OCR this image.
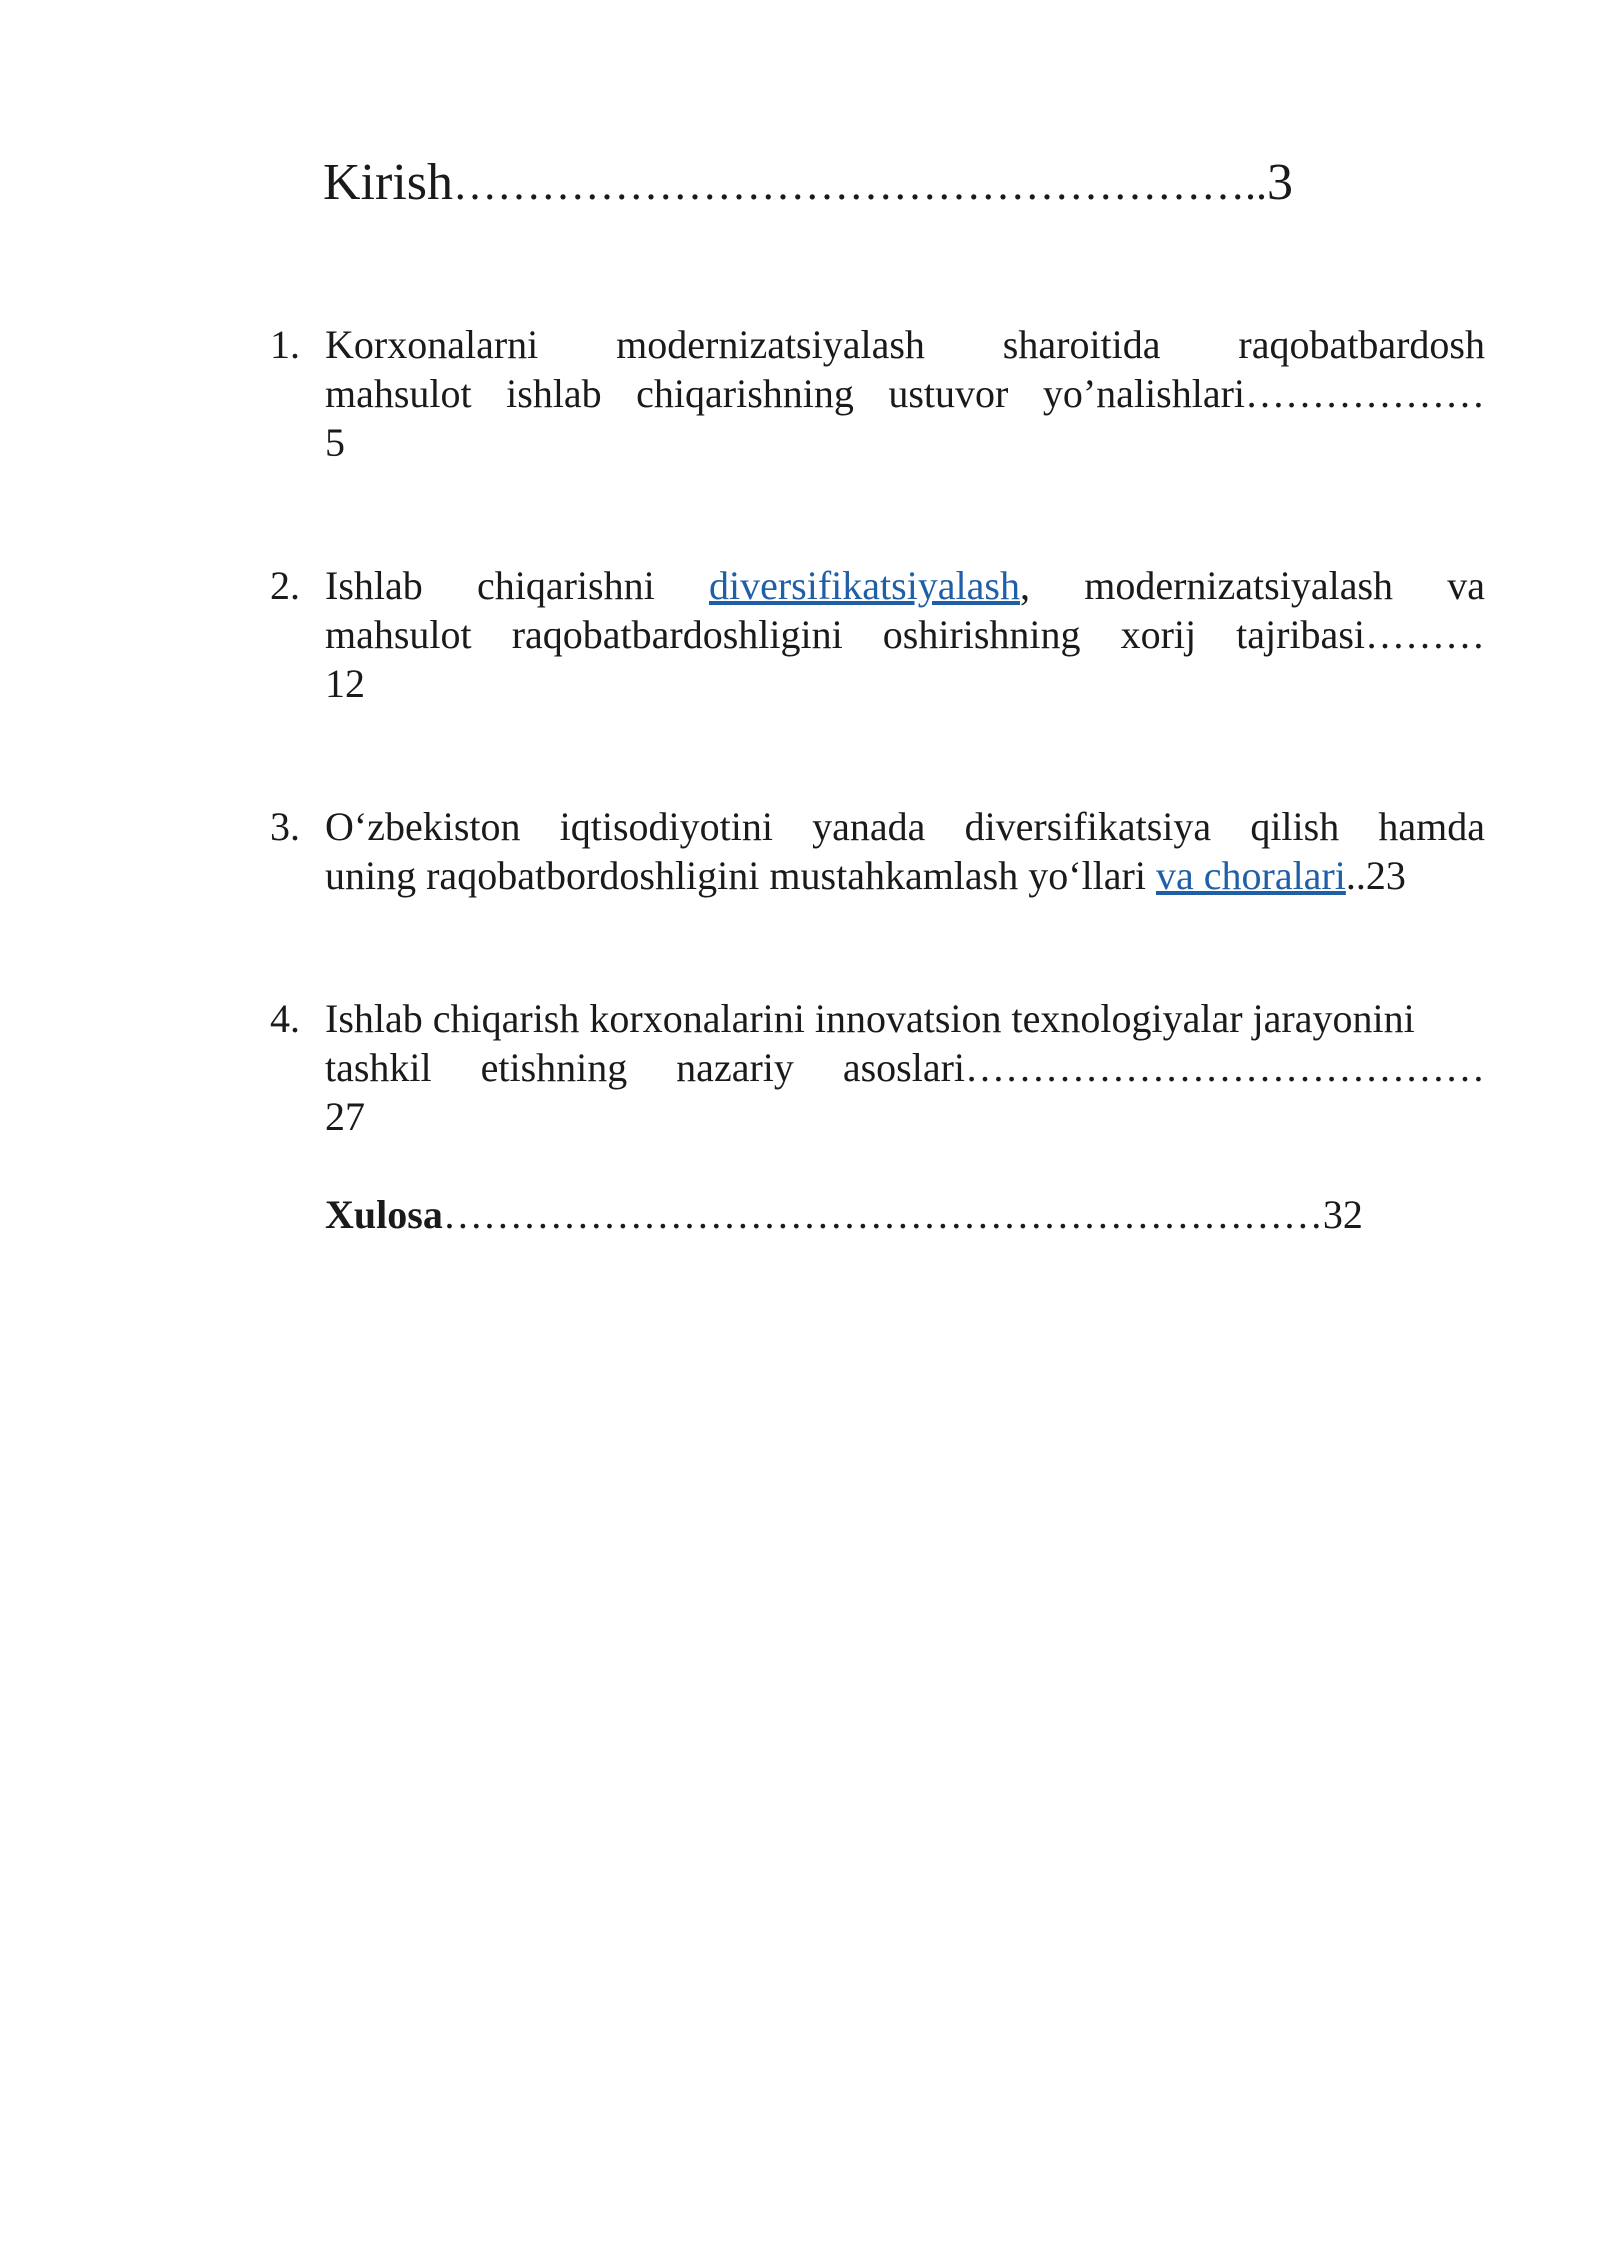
Kirish………………………………………………..3
1. Korxonalarni modernizatsiyalash sharoitida raqobatbardosh
mahsulot ishlab chiqarishning ustuvor yo’nalishlari………………
5
2. Ishlab chiqarishni diversifikatsiyalash, modernizatsiyalash va
mahsulot raqobatbardoshligini oshirishning xorij tajribasi………
12
3. O‘zbekiston iqtisodiyotini yanada diversifikatsiya qilish hamda
uning raqobatbordoshligini mustahkamlash yo‘llari va choralari..23
4. Ishlab chiqarish korxonalarini innovatsion texnologiyalar jarayonini
tashkil etishning nazariy asoslari…………………………………
27
Xulosa…………………………………………………………32
